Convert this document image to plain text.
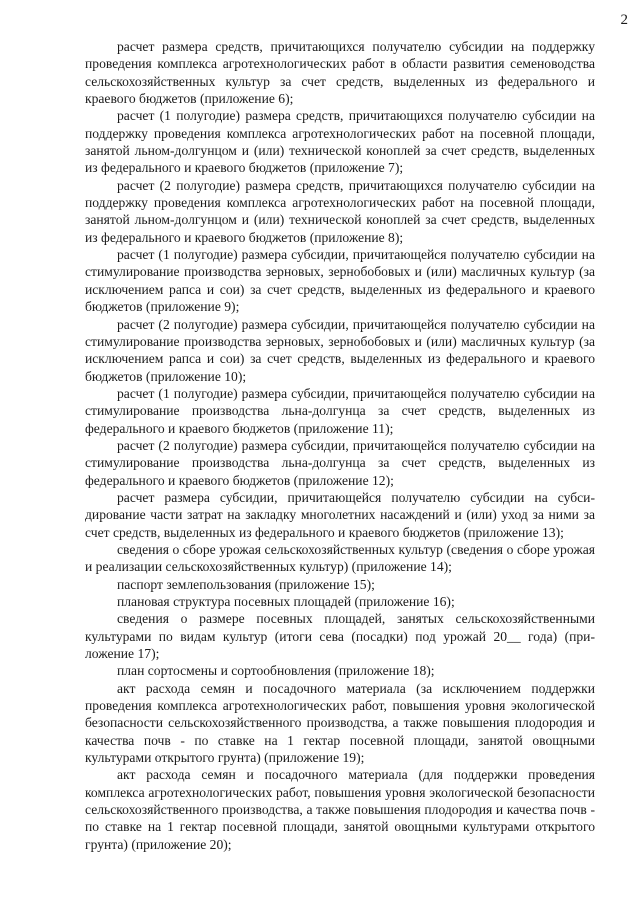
2

расчет размера средств, причитающихся получателю субсидии на поддержку проведения комплекса агротехнологических работ в области развития семеноводства сельскохозяйственных культур за счет средств, выделенных из федерального и краевого бюджетов (приложение 6);

расчет (1 полугодие) размера средств, причитающихся получателю субсидии на поддержку проведения комплекса агротехнологических работ на посевной площади, занятой льном-долгунцом и (или) технической коноплей за счет средств, выделенных из федерального и краевого бюджетов (приложение 7);

расчет (2 полугодие) размера средств, причитающихся получателю субсидии на поддержку проведения комплекса агротехнологических работ на посевной площади, занятой льном-долгунцом и (или) технической коноплей за счет средств, выделенных из федерального и краевого бюджетов (приложение 8);

расчет (1 полугодие) размера субсидии, причитающейся получателю субсидии на стимулирование производства зерновых, зернобобовых и (или) масличных культур (за исключением рапса и сои) за счет средств, выделенных из федерального и краевого бюджетов (приложение 9);

расчет (2 полугодие) размера субсидии, причитающейся получателю субсидии на стимулирование производства зерновых, зернобобовых и (или) масличных культур (за исключением рапса и сои) за счет средств, выделенных из федерального и краевого бюджетов (приложение 10);

расчет (1 полугодие) размера субсидии, причитающейся получателю субсидии на стимулирование производства льна-долгунца за счет средств, выделенных из федерального и краевого бюджетов (приложение 11);

расчет (2 полугодие) размера субсидии, причитающейся получателю субсидии на стимулирование производства льна-долгунца за счет средств, выделенных из федерального и краевого бюджетов (приложение 12);

расчет размера субсидии, причитающейся получателю субсидии на субсидирование части затрат на закладку многолетних насаждений и (или) уход за ними за счет средств, выделенных из федерального и краевого бюджетов (приложение 13);

сведения о сборе урожая сельскохозяйственных культур (сведения о сборе урожая и реализации сельскохозяйственных культур) (приложение 14);

паспорт землепользования (приложение 15);

плановая структура посевных площадей (приложение 16);

сведения о размере посевных площадей, занятых сельскохозяйственными культурами по видам культур (итоги сева (посадки) под урожай 20__ года) (приложение 17);

план сортосмены и сортообновления (приложение 18);

акт расхода семян и посадочного материала (за исключением поддержки проведения комплекса агротехнологических работ, повышения уровня экологической безопасности сельскохозяйственного производства, а также повышения плодородия и качества почв - по ставке на 1 гектар посевной площади, занятой овощными культурами открытого грунта) (приложение 19);

акт расхода семян и посадочного материала (для поддержки проведения комплекса агротехнологических работ, повышения уровня экологической безопасности сельскохозяйственного производства, а также повышения плодородия и качества почв - по ставке на 1 гектар посевной площади, занятой овощными культурами открытого грунта) (приложение 20);
